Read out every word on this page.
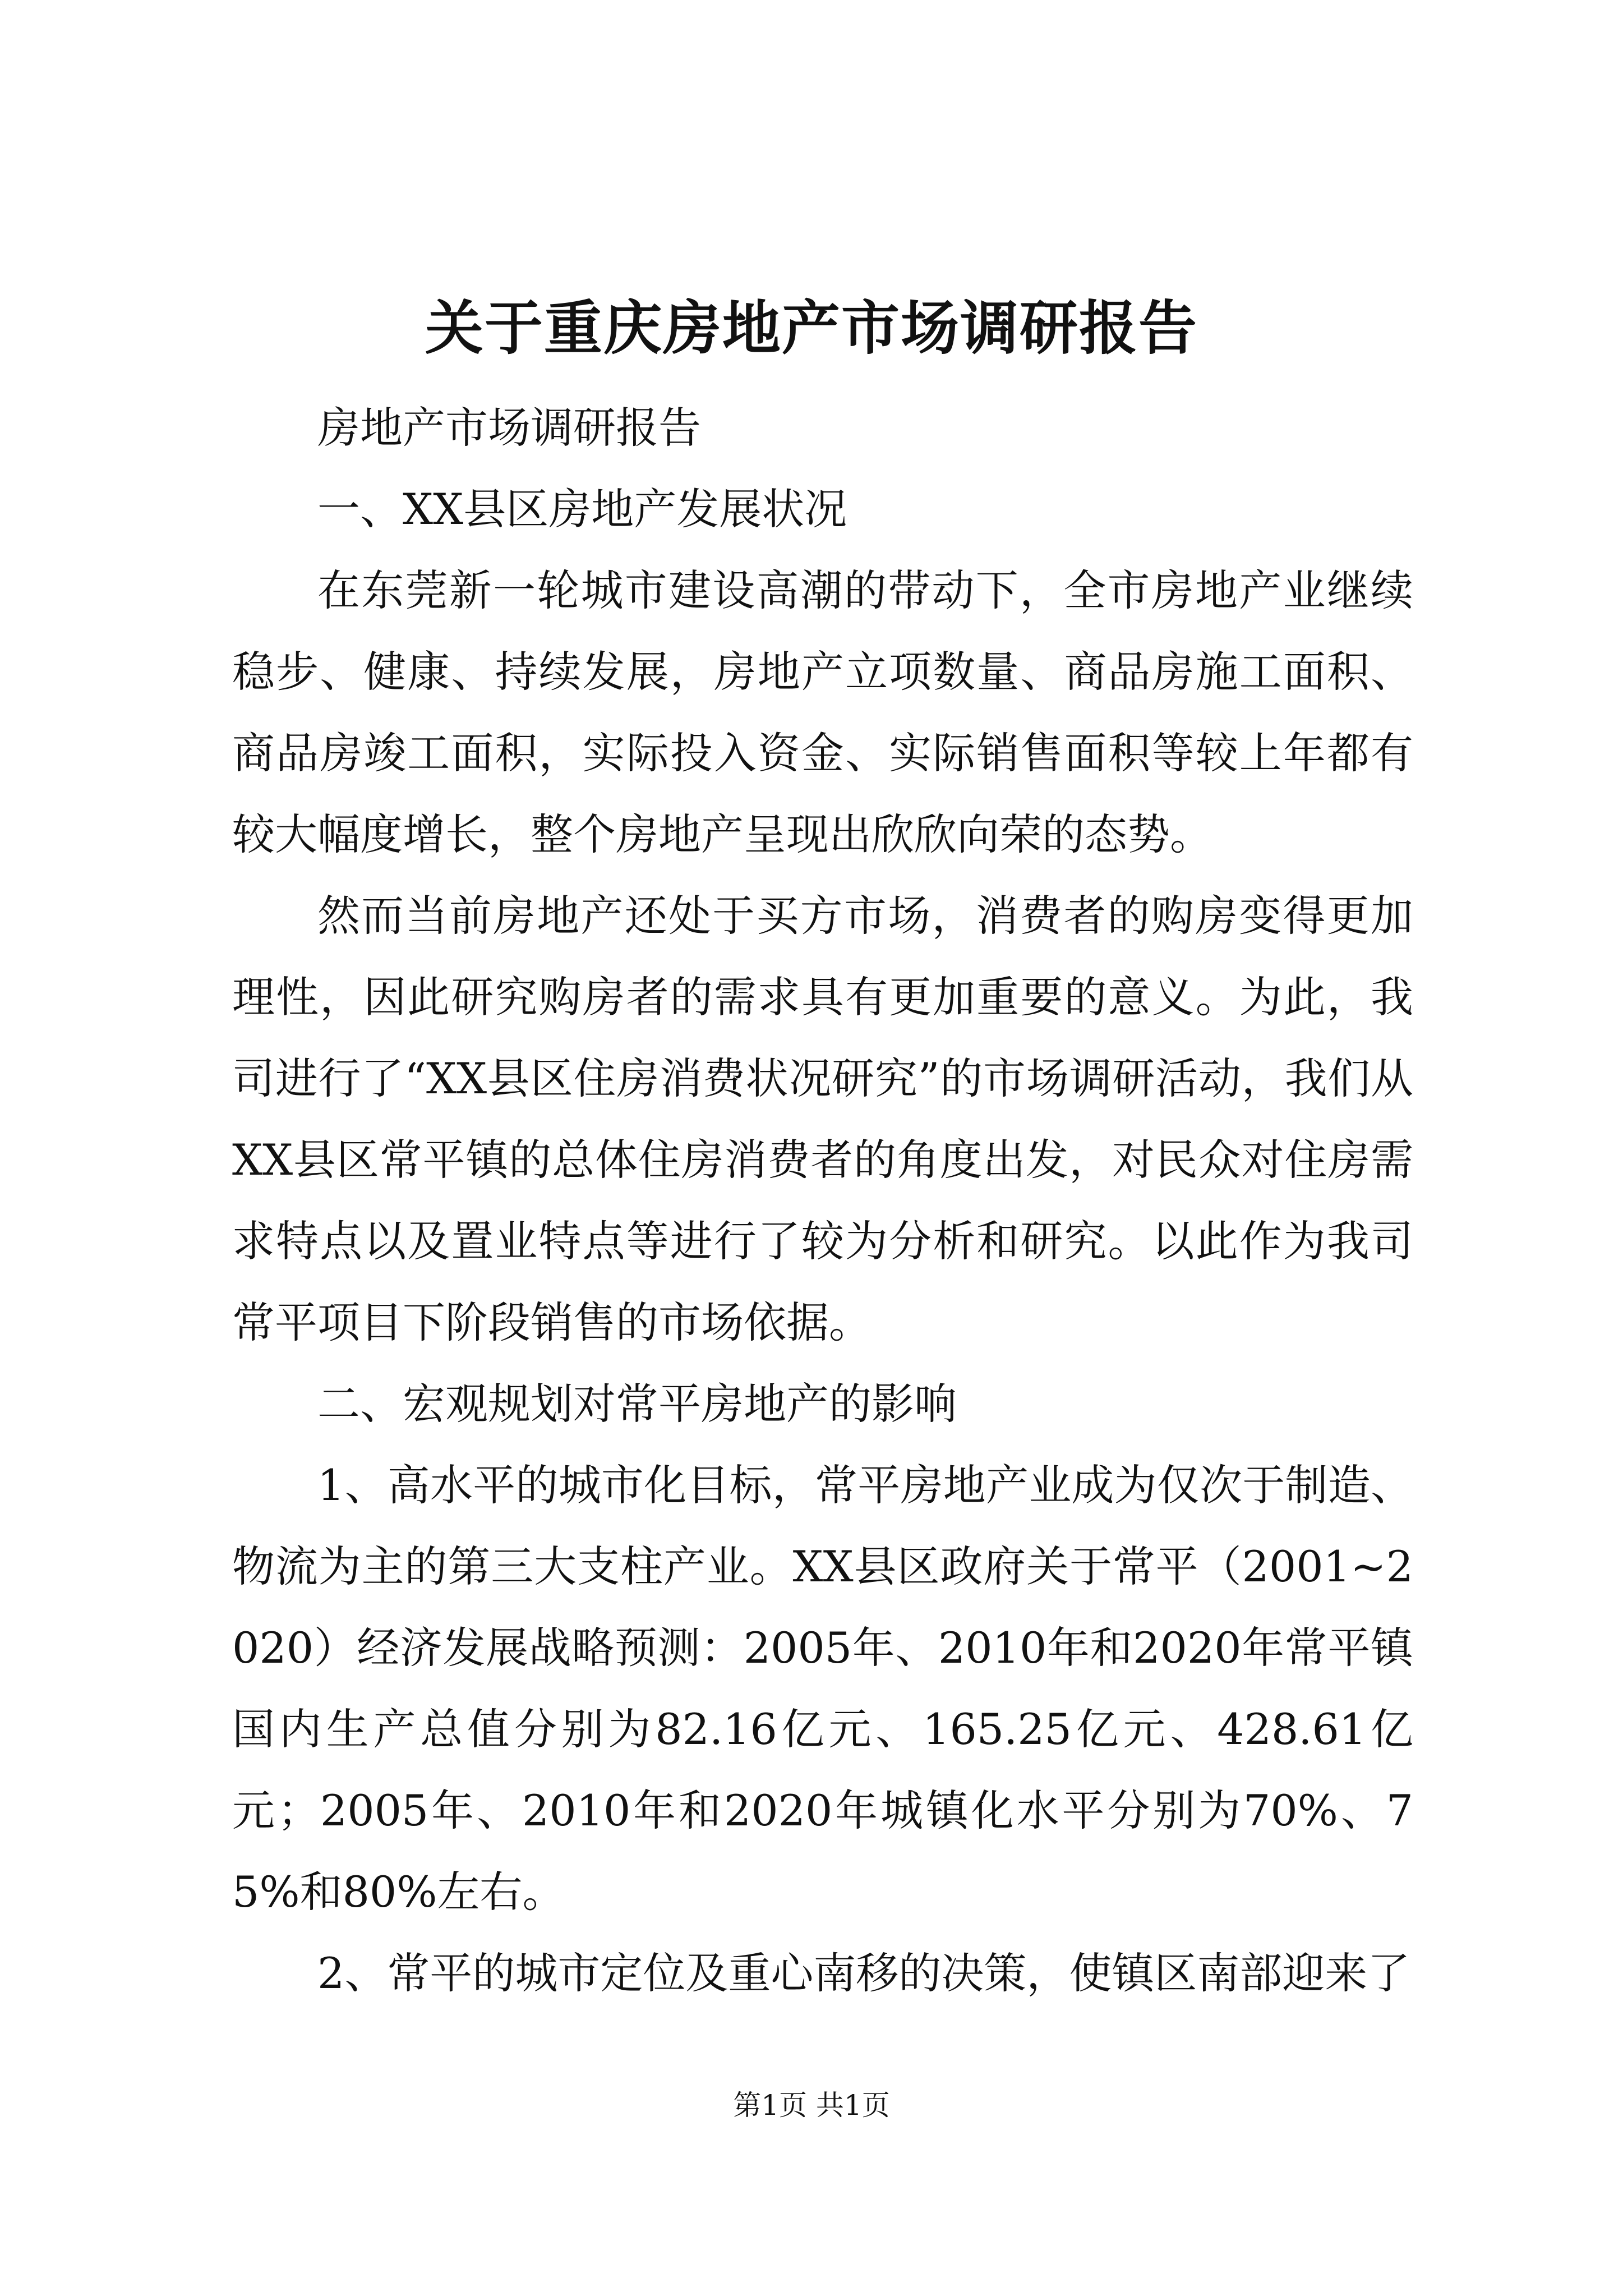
关于重庆房地产市场调研报告

房地产市场调研报告

一、XX县区房地产发展状况

在东莞新一轮城市建设高潮的带动下，全市房地产业继续稳步、健康、持续发展，房地产立项数量、商品房施工面积、商品房竣工面积，实际投入资金、实际销售面积等较上年都有较大幅度增长，整个房地产呈现出欣欣向荣的态势。

然而当前房地产还处于买方市场，消费者的购房变得更加理性，因此研究购房者的需求具有更加重要的意义。为此，我司进行了“XX县区住房消费状况研究”的市场调研活动，我们从XX县区常平镇的总体住房消费者的角度出发，对民众对住房需求特点以及置业特点等进行了较为分析和研究。以此作为我司常平项目下阶段销售的市场依据。

二、宏观规划对常平房地产的影响

1、高水平的城市化目标，常平房地产业成为仅次于制造、物流为主的第三大支柱产业。XX县区政府关于常平（2001~2020）经济发展战略预测：2005年、2010年和2020年常平镇国内生产总值分别为82.16亿元、165.25亿元、428.61亿元；2005年、2010年和2020年城镇化水平分别为70%、75%和80%左右。

2、常平的城市定位及重心南移的决策，使镇区南部迎来了

第1页 共1页
